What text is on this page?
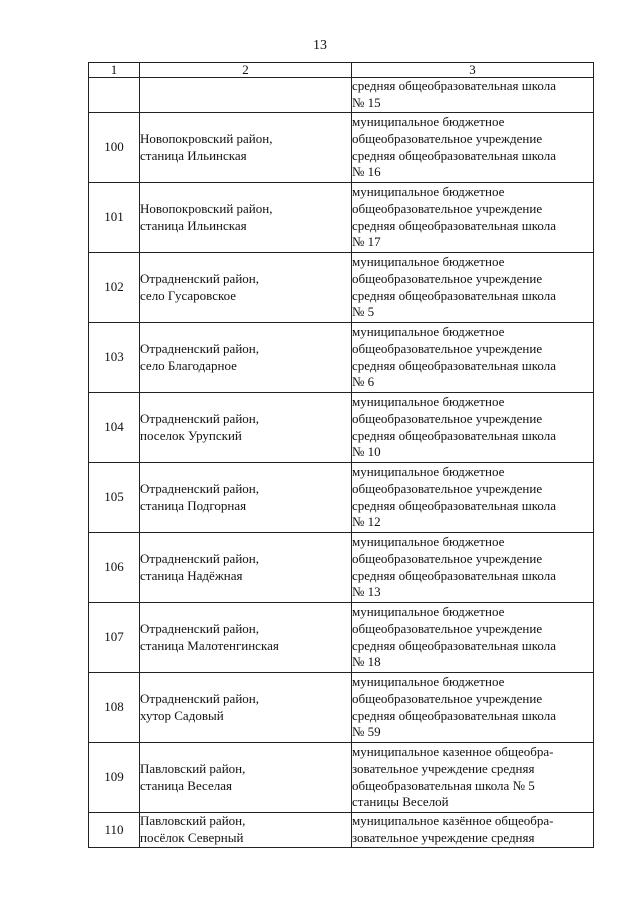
13
1	2	3

		средняя общеобразовательная школа
№ 15

100	Новопокровский район,
станица Ильинская	муниципальное бюджетное
общеобразовательное учреждение
средняя общеобразовательная школа
№ 16

101	Новопокровский район,
станица Ильинская	муниципальное бюджетное
общеобразовательное учреждение
средняя общеобразовательная школа
№ 17

102	Отрадненский район,
село Гусаровское	муниципальное бюджетное
общеобразовательное учреждение
средняя общеобразовательная школа
№ 5

103	Отрадненский район,
село Благодарное	муниципальное бюджетное
общеобразовательное учреждение
средняя общеобразовательная школа
№ 6

104	Отрадненский район,
поселок Урупский	муниципальное бюджетное
общеобразовательное учреждение
средняя общеобразовательная школа
№ 10

105	Отрадненский район,
станица Подгорная	муниципальное бюджетное
общеобразовательное учреждение
средняя общеобразовательная школа
№ 12

106	Отрадненский район,
станица Надёжная	муниципальное бюджетное
общеобразовательное учреждение
средняя общеобразовательная школа
№ 13

107	Отрадненский район,
станица Малотенгинская	муниципальное бюджетное
общеобразовательное учреждение
средняя общеобразовательная школа
№ 18

108	Отрадненский район,
хутор Садовый	муниципальное бюджетное
общеобразовательное учреждение
средняя общеобразовательная школа
№ 59

109	Павловский район,
станица Веселая	муниципальное казенное общеобра-
зовательное учреждение средняя
общеобразовательная школа № 5
станицы Веселой

110	Павловский район,
посёлок Северный	муниципальное казённое общеобра-
зовательное учреждение средняя
